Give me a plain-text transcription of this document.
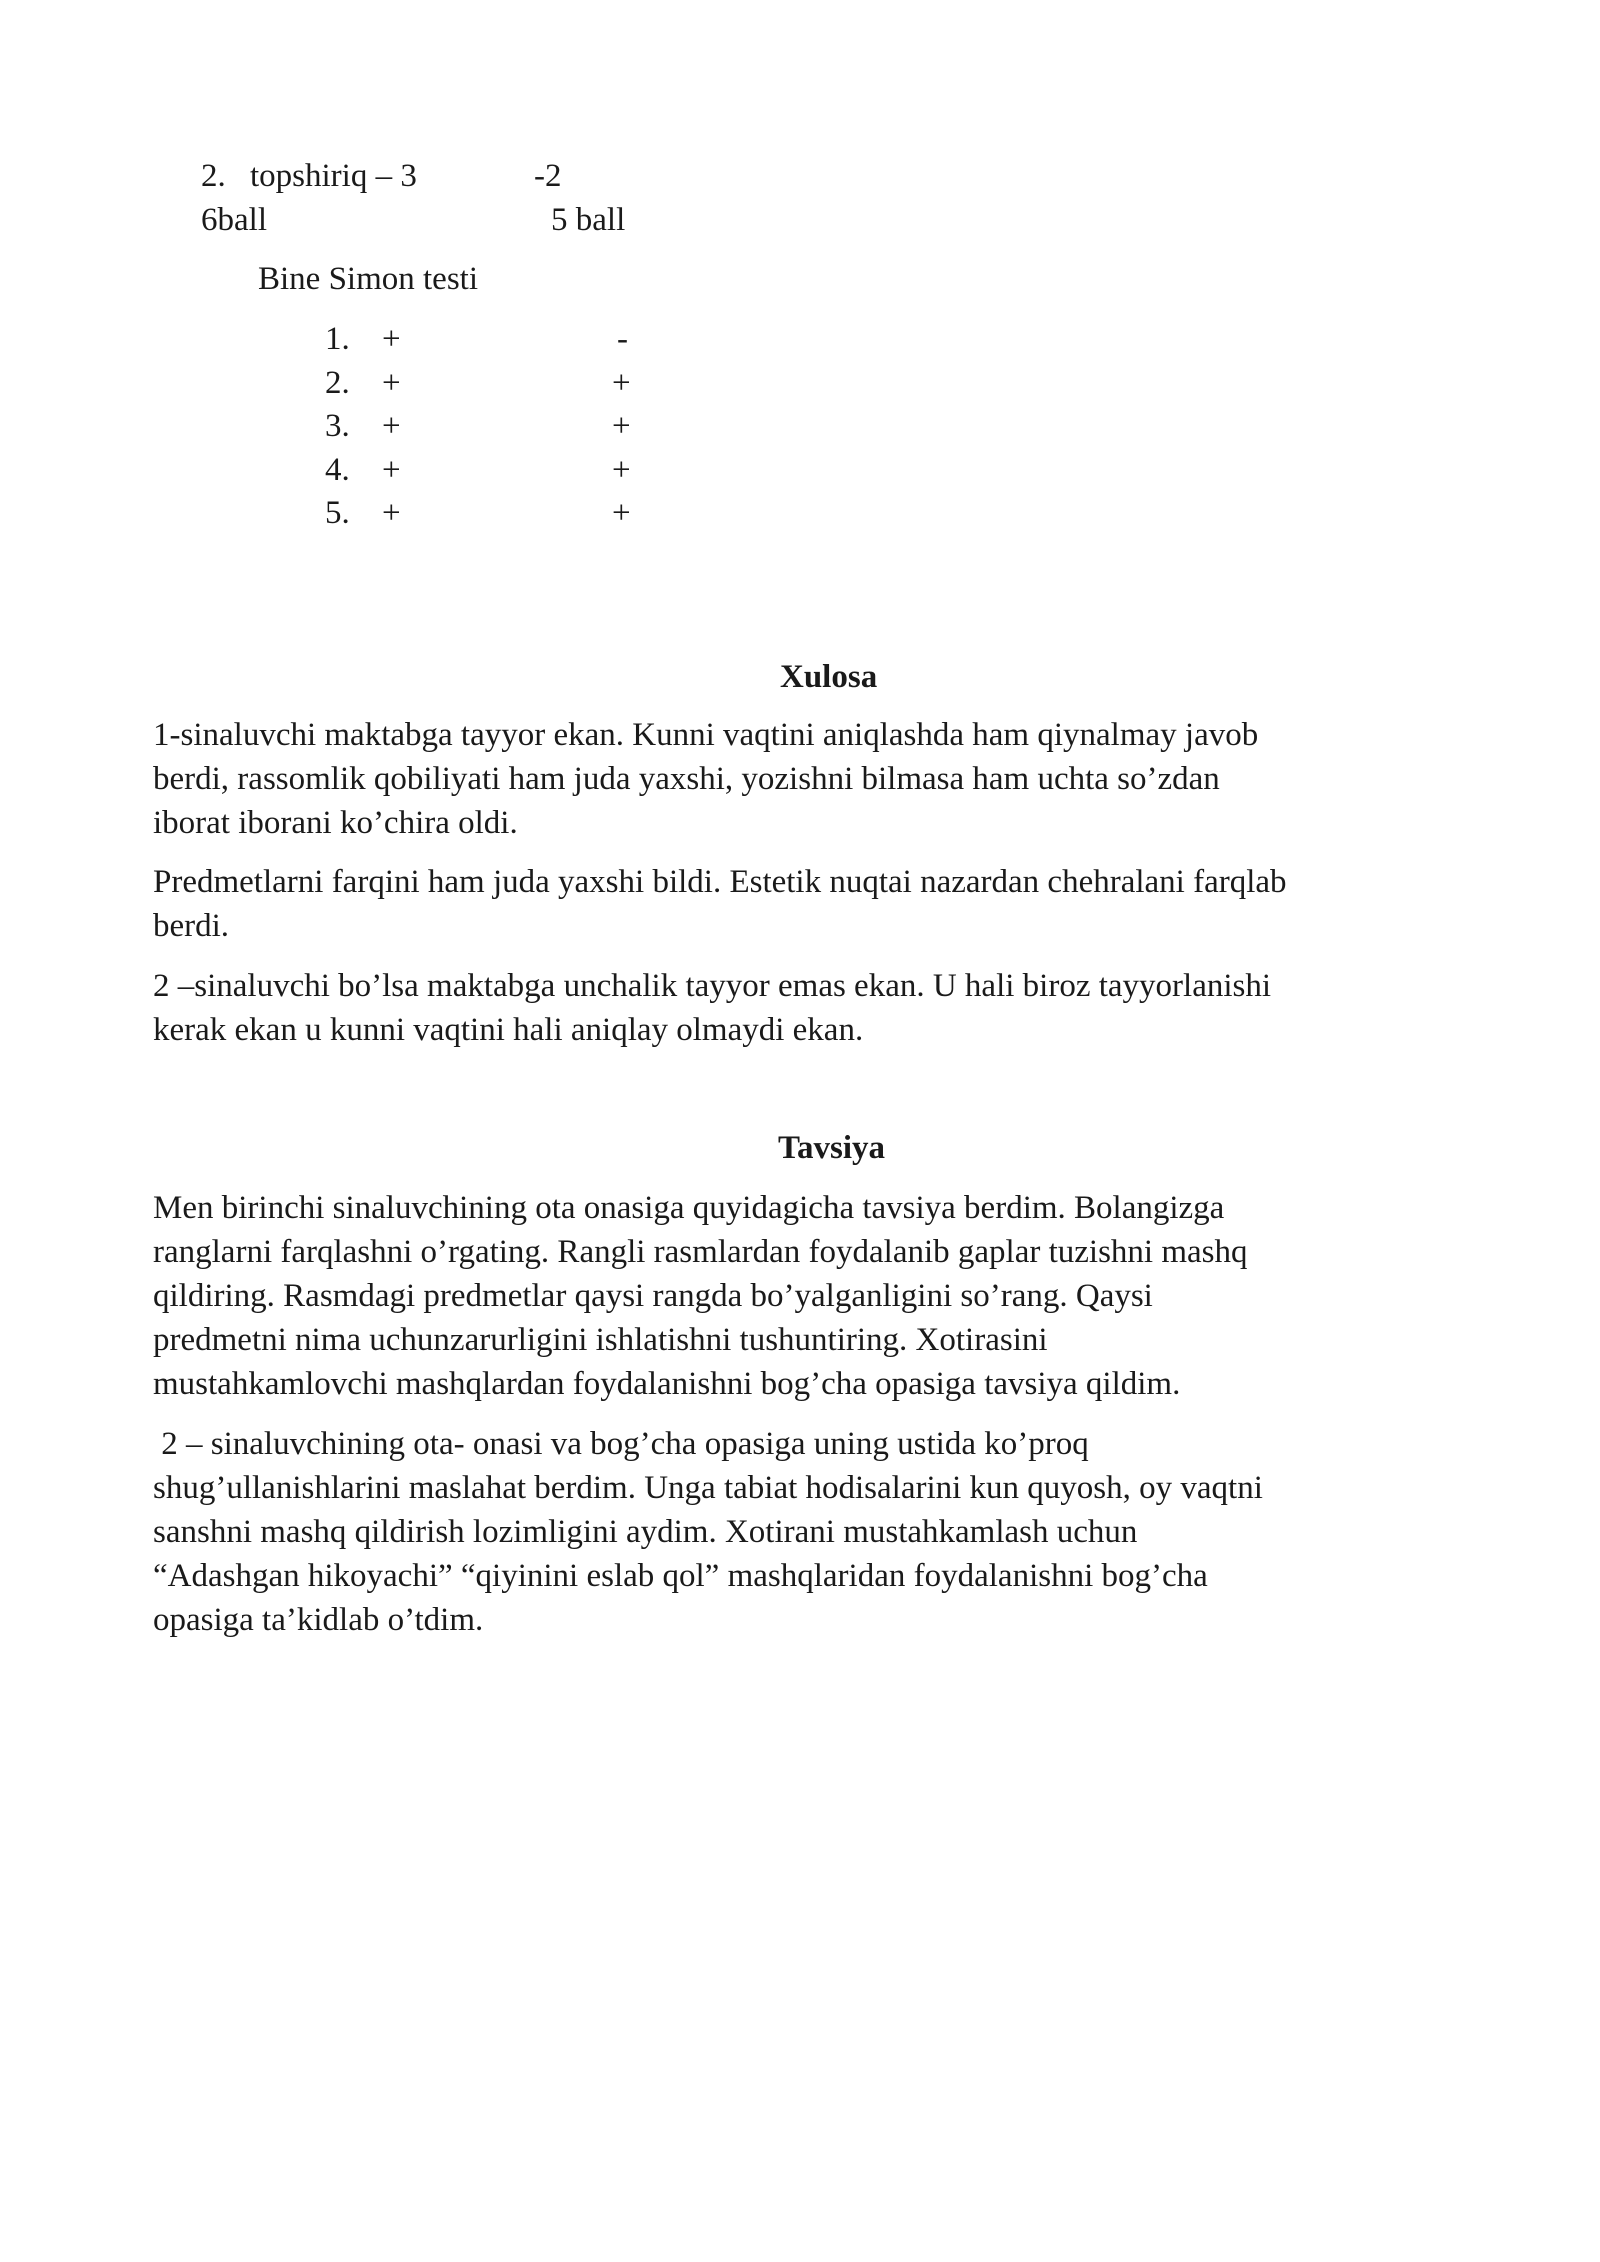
2. topshiriq – 3	-2
6ball	5 ball
Bine Simon testi
1. +	-
2. +	+
3. +	+
4. +	+
5. +	+
Xulosa
1-sinaluvchi maktabga tayyor ekan. Kunni vaqtini aniqlashda ham qiynalmay javob
berdi, rassomlik qobiliyati ham juda yaxshi, yozishni bilmasa ham uchta so’zdan
iborat iborani ko’chira oldi.
Predmetlarni farqini ham juda yaxshi bildi. Estetik nuqtai nazardan chehralani farqlab
berdi.
2 –sinaluvchi bo’lsa maktabga unchalik tayyor emas ekan. U hali biroz tayyorlanishi
kerak ekan u kunni vaqtini hali aniqlay olmaydi ekan.
Tavsiya
Men birinchi sinaluvchining ota onasiga quyidagicha tavsiya berdim. Bolangizga
ranglarni farqlashni o’rgating. Rangli rasmlardan foydalanib gaplar tuzishni mashq
qildiring. Rasmdagi predmetlar qaysi rangda bo’yalganligini so’rang. Qaysi
predmetni nima uchunzarurligini ishlatishni tushuntiring. Xotirasini
mustahkamlovchi mashqlardan foydalanishni bog’cha opasiga tavsiya qildim.
2 – sinaluvchining ota- onasi va bog’cha opasiga uning ustida ko’proq
shug’ullanishlarini maslahat berdim. Unga tabiat hodisalarini kun quyosh, oy vaqtni
sanshni mashq qildirish lozimligini aydim. Xotirani mustahkamlash uchun
“Adashgan hikoyachi” “qiyinini eslab qol” mashqlaridan foydalanishni bog’cha
opasiga ta’kidlab o’tdim.
